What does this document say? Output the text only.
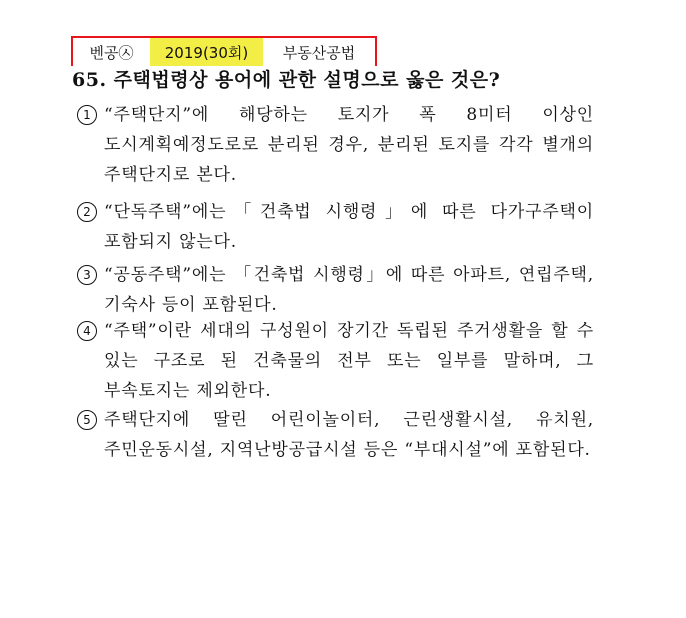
벤공㉦	2019(30회)	부동산공법
65. 주택법령상 용어에 관한 설명으로 옳은 것은?
1 “주택단지”에 해당하는 토지가 폭 8미터 이상인 도시계획예정도로로 분리된 경우, 분리된 토지를 각각 별개의 주택단지로 본다.
2 “단독주택”에는「건축법 시행령」에 따른 다가구주택이 포함되지 않는다.
3 “공동주택”에는 「건축법 시행령」에 따른 아파트, 연립주택, 기숙사 등이 포함된다.
4 “주택”이란 세대의 구성원이 장기간 독립된 주거생활을 할 수 있는 구조로 된 건축물의 전부 또는 일부를 말하며, 그 부속토지는 제외한다.
5 주택단지에 딸린 어린이놀이터, 근린생활시설, 유치원, 주민운동시설, 지역난방공급시설 등은 “부대시설”에 포함된다.
